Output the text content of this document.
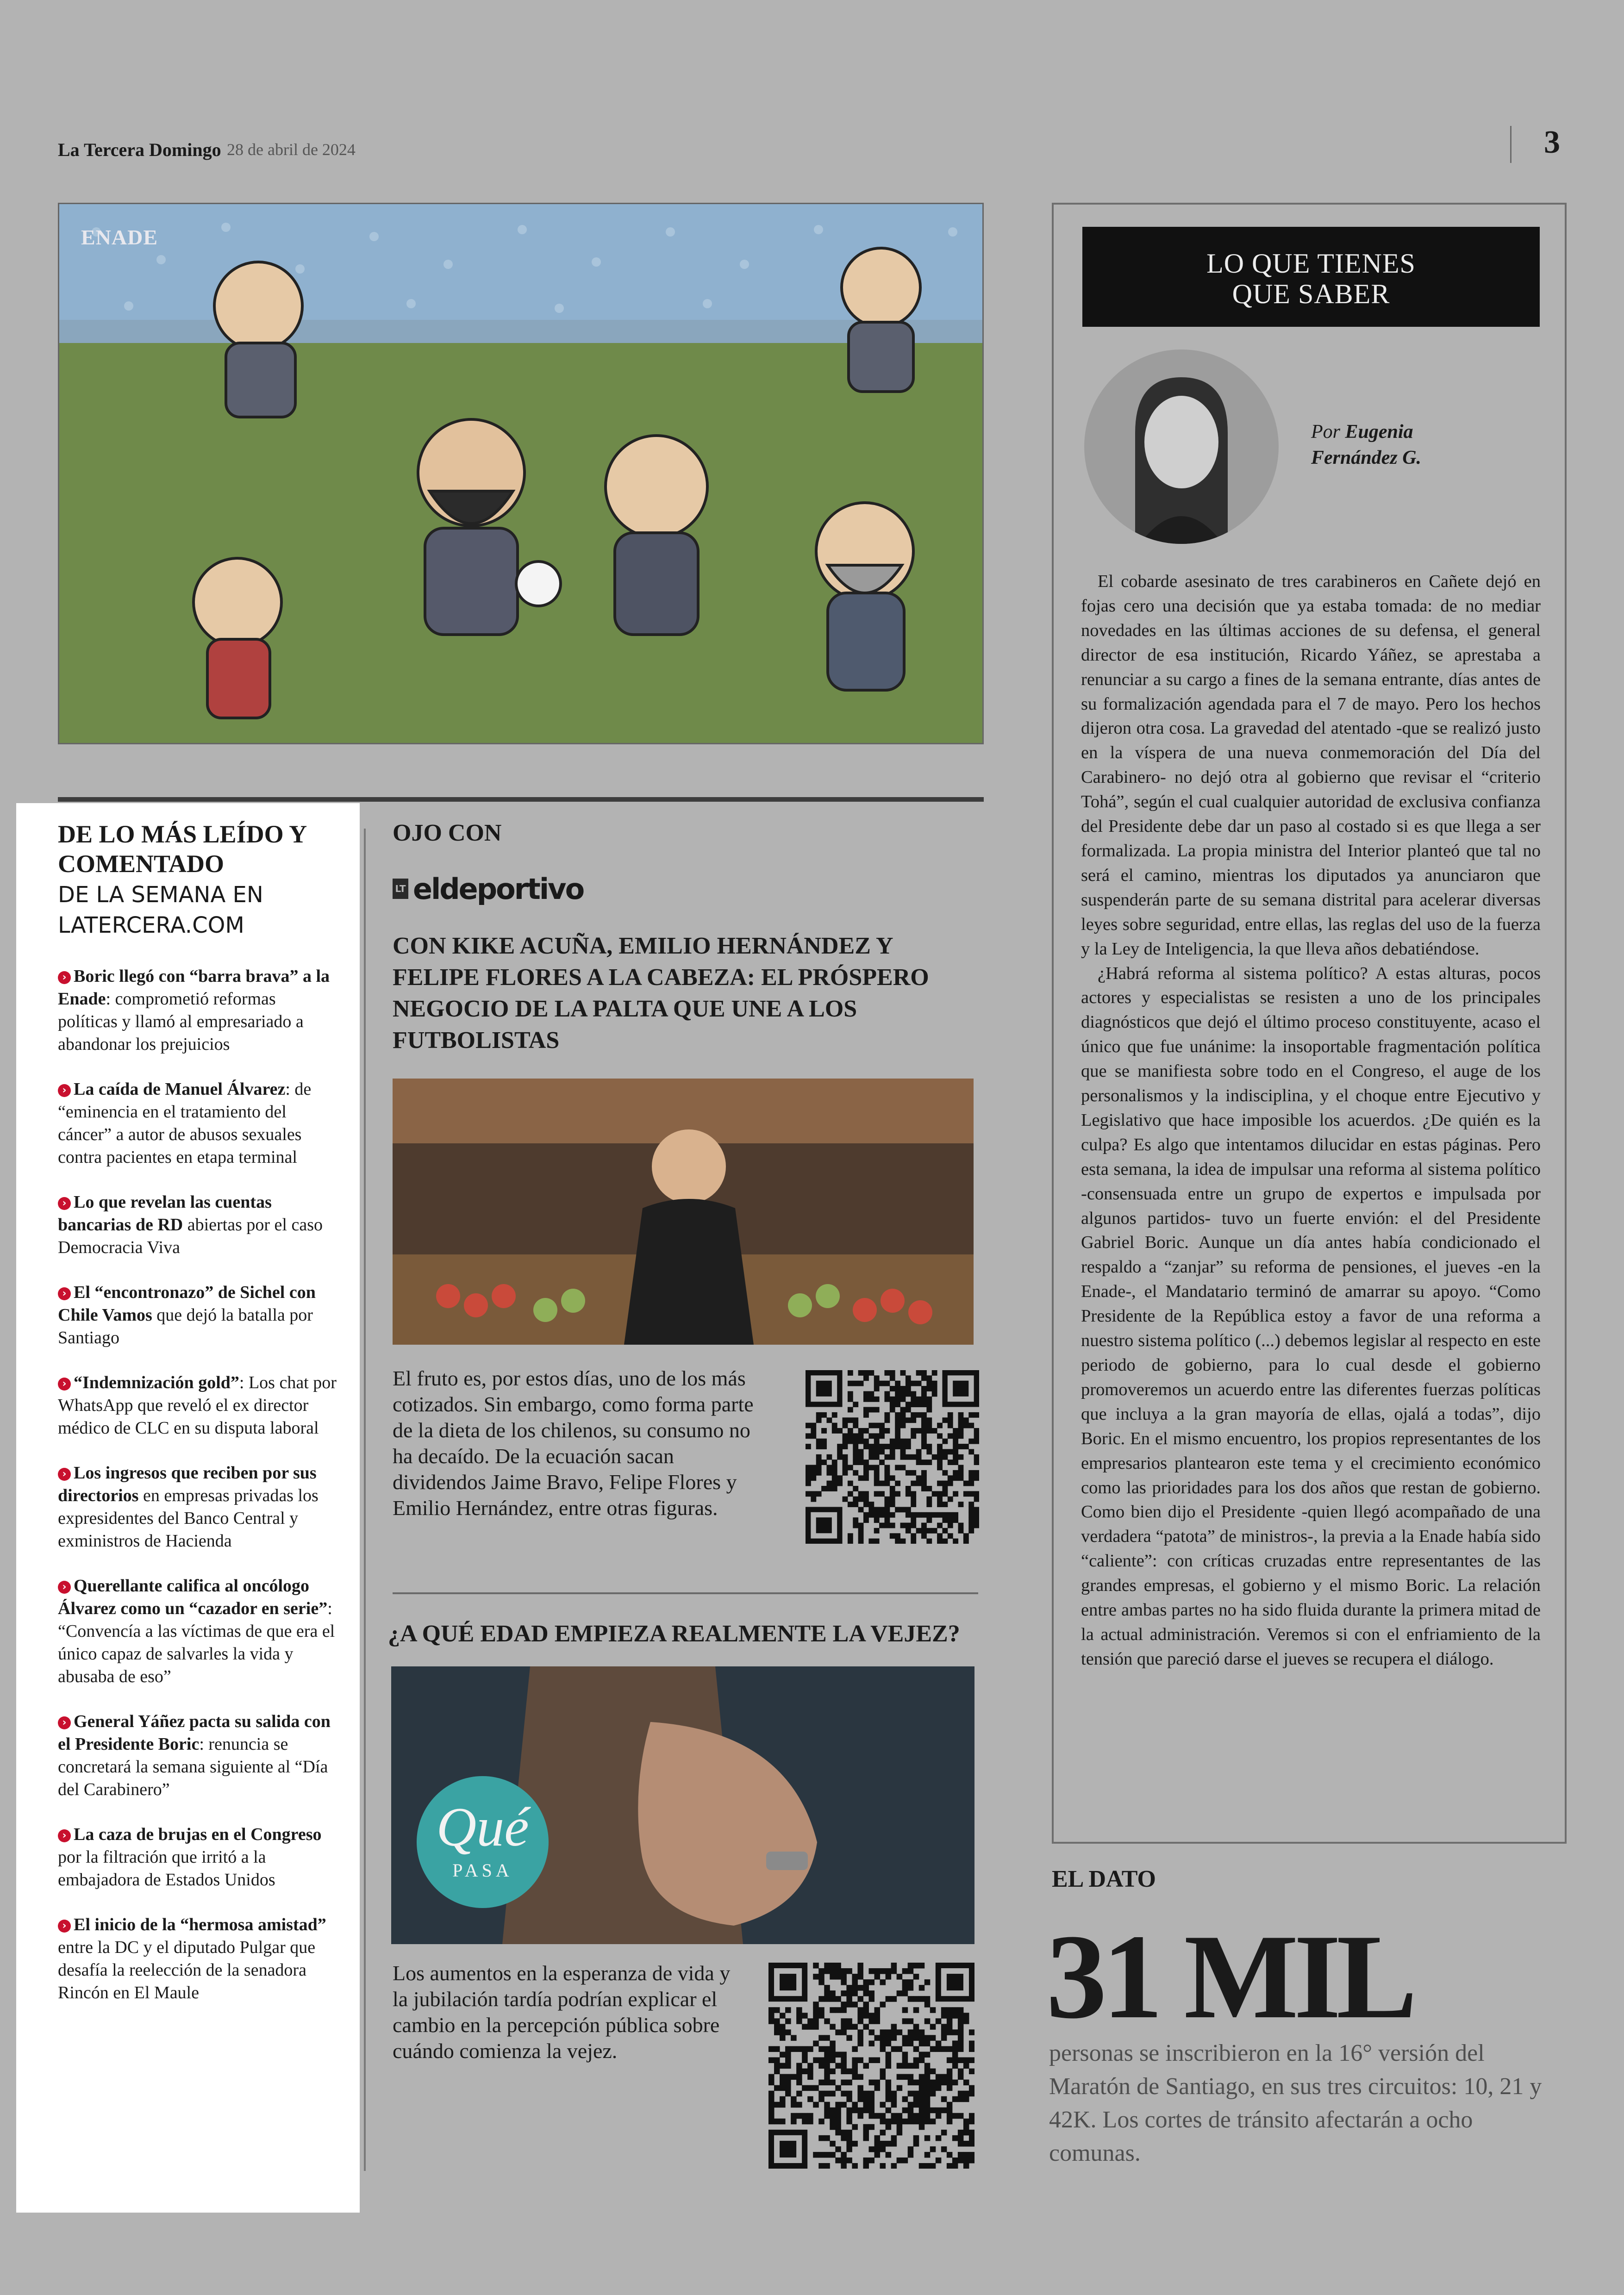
La Tercera Domingo 28 de abril de 2024	3
ENADE
DE LO MÁS LEÍDO Y COMENTADO
DE LA SEMANA EN LATERCERA.COM
› Boric llegó con “barra brava” a la Enade: comprometió reformas políticas y llamó al empresariado a abandonar los prejuicios
› La caída de Manuel Álvarez: de “eminencia en el tratamiento del cáncer” a autor de abusos sexuales contra pacientes en etapa terminal
› Lo que revelan las cuentas bancarias de RD abiertas por el caso Democracia Viva
› El “encontronazo” de Sichel con Chile Vamos que dejó la batalla por Santiago
› “Indemnización gold”: Los chat por WhatsApp que reveló el ex director médico de CLC en su disputa laboral
› Los ingresos que reciben por sus directorios en empresas privadas los expresidentes del Banco Central y exministros de Hacienda
› Querellante califica al oncólogo Álvarez como un “cazador en serie”: “Convencía a las víctimas de que era el único capaz de salvarles la vida y abusaba de eso”
› General Yáñez pacta su salida con el Presidente Boric: renuncia se concretará la semana siguiente al “Día del Carabinero”
› La caza de brujas en el Congreso por la filtración que irritó a la embajadora de Estados Unidos
› El inicio de la “hermosa amistad” entre la DC y el diputado Pulgar que desafía la reelección de la senadora Rincón en El Maule
OJO CON
LT eldeportivo
CON KIKE ACUÑA, EMILIO HERNÁNDEZ Y FELIPE FLORES A LA CABEZA: EL PRÓSPERO NEGOCIO DE LA PALTA QUE UNE A LOS FUTBOLISTAS
El fruto es, por estos días, uno de los más cotizados. Sin embargo, como forma parte de la dieta de los chilenos, su consumo no ha decaído. De la ecuación sacan dividendos Jaime Bravo, Felipe Flores y Emilio Hernández, entre otras figuras.
¿A QUÉ EDAD EMPIEZA REALMENTE LA VEJEZ?
Qué
PASA
Los aumentos en la esperanza de vida y la jubilación tardía podrían explicar el cambio en la percepción pública sobre cuándo comienza la vejez.
LO QUE TIENES
QUE SABER
Por Eugenia
Fernández G.

El cobarde asesinato de tres carabineros en Cañete dejó en fojas cero una decisión que ya estaba tomada: de no mediar novedades en las últimas acciones de su defensa, el general director de esa institución, Ricardo Yáñez, se aprestaba a renunciar a su cargo a fines de la semana entrante, días antes de su formalización agendada para el 7 de mayo. Pero los hechos dijeron otra cosa. La gravedad del atentado -que se realizó justo en la víspera de una nueva conmemoración del Día del Carabinero- no dejó otra al gobierno que revisar el “criterio Tohá”, según el cual cualquier autoridad de exclusiva confianza del Presidente debe dar un paso al costado si es que llega a ser formalizada. La propia ministra del Interior planteó que tal no será el camino, mientras los diputados ya anunciaron que suspenderán parte de su semana distrital para acelerar diversas leyes sobre seguridad, entre ellas, las reglas del uso de la fuerza y la Ley de Inteligencia, la que lleva años debatiéndose.

¿Habrá reforma al sistema político? A estas alturas, pocos actores y especialistas se resisten a uno de los principales diagnósticos que dejó el último proceso constituyente, acaso el único que fue unánime: la insoportable fragmentación política que se manifiesta sobre todo en el Congreso, el auge de los personalismos y la indisciplina, y el choque entre Ejecutivo y Legislativo que hace imposible los acuerdos. ¿De quién es la culpa? Es algo que intentamos dilucidar en estas páginas. Pero esta semana, la idea de impulsar una reforma al sistema político -consensuada entre un grupo de expertos e impulsada por algunos partidos- tuvo un fuerte envión: el del Presidente Gabriel Boric. Aunque un día antes había condicionado el respaldo a “zanjar” su reforma de pensiones, el jueves -en la Enade-, el Mandatario terminó de amarrar su apoyo. “Como Presidente de la República estoy a favor de una reforma a nuestro sistema político (...) debemos legislar al respecto en este periodo de gobierno, para lo cual desde el gobierno promoveremos un acuerdo entre las diferentes fuerzas políticas que incluya a la gran mayoría de ellas, ojalá a todas”, dijo Boric. En el mismo encuentro, los propios representantes de los empresarios plantearon este tema y el crecimiento económico como las prioridades para los dos años que restan de gobierno. Como bien dijo el Presidente -quien llegó acompañado de una verdadera “patota” de ministros-, la previa a la Enade había sido “caliente”: con críticas cruzadas entre representantes de las grandes empresas, el gobierno y el mismo Boric. La relación entre ambas partes no ha sido fluida durante la primera mitad de la actual administración. Veremos si con el enfriamiento de la tensión que pareció darse el jueves se recupera el diálogo.

EL DATO
31 MIL
personas se inscribieron en la 16° versión del Maratón de Santiago, en sus tres circuitos: 10, 21 y 42K. Los cortes de tránsito afectarán a ocho comunas.
